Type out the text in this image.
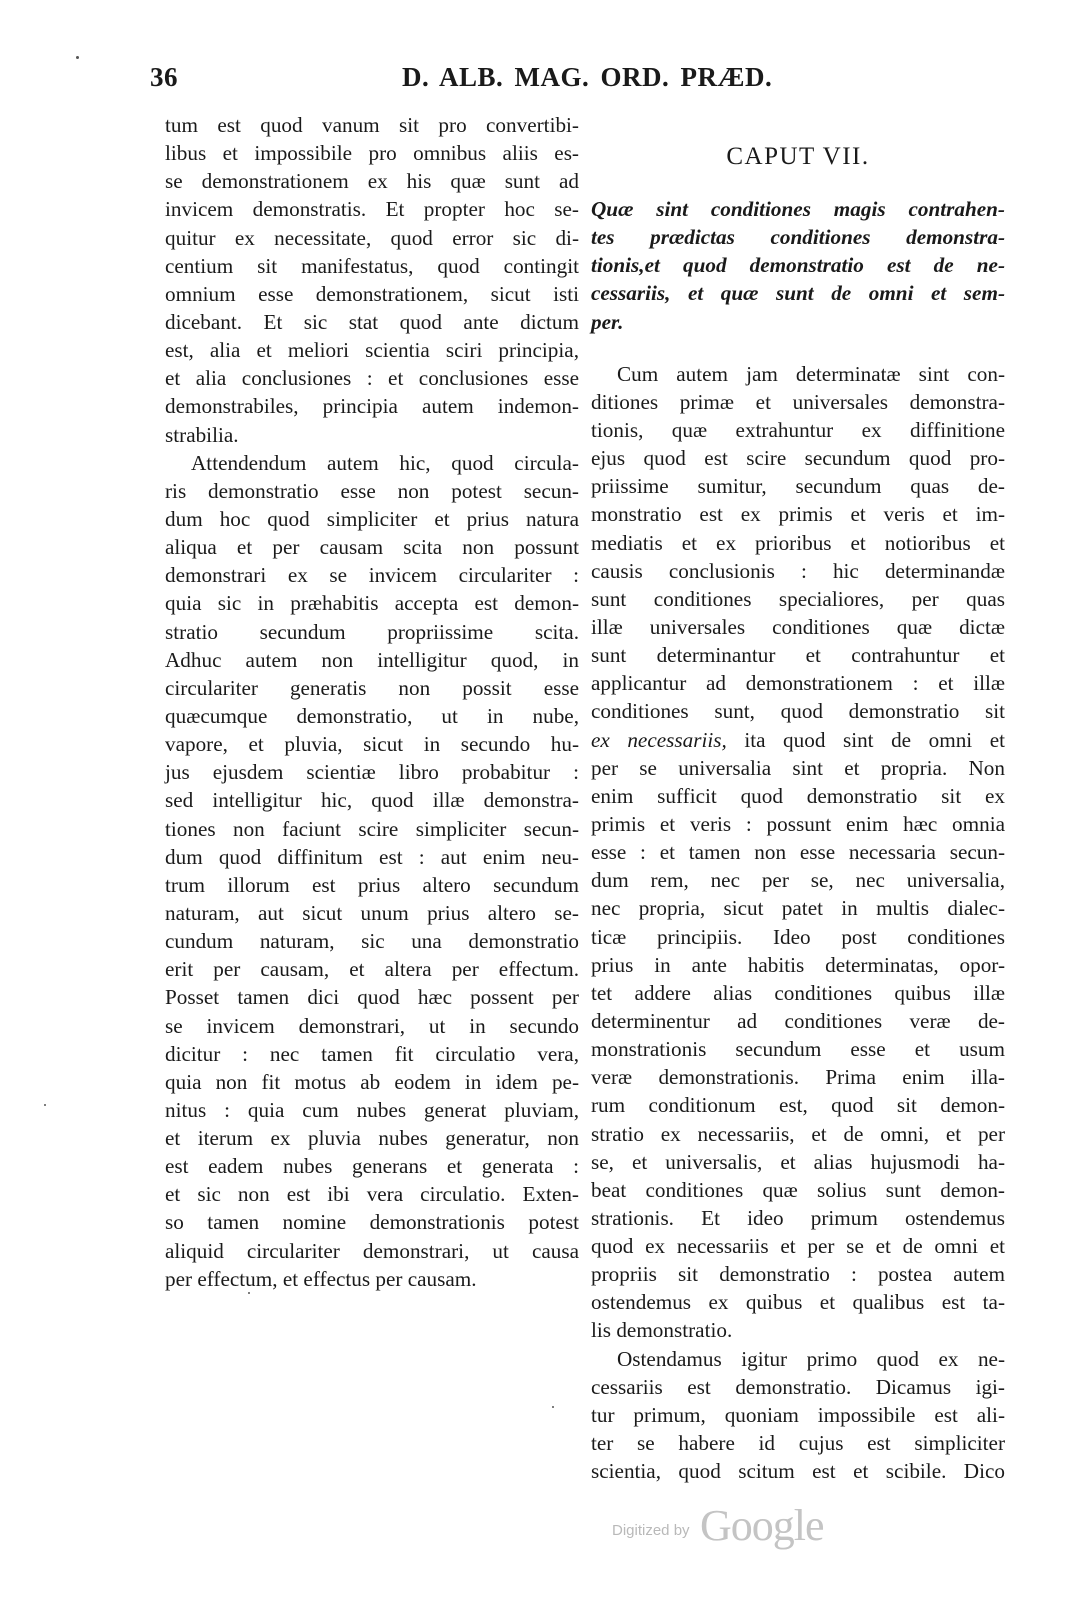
36	D. ALB. MAG. ORD. PRÆD.
tum est quod vanum sit pro convertibi-
libus et impossibile pro omnibus aliis es-
se demonstrationem ex his quæ sunt ad
invicem demonstratis. Et propter hoc se-
quitur ex necessitate, quod error sic di-
centium sit manifestatus, quod contingit
omnium esse demonstrationem, sicut isti
dicebant. Et sic stat quod ante dictum
est, alia et meliori scientia sciri principia,
et alia conclusiones : et conclusiones esse
demonstrabiles, principia autem indemon-
strabilia.
Attendendum autem hic, quod circula-
ris demonstratio esse non potest secun-
dum hoc quod simpliciter et prius natura
aliqua et per causam scita non possunt
demonstrari ex se invicem circulariter :
quia sic in præhabitis accepta est demon-
stratio secundum propriissime scita.
Adhuc autem non intelligitur quod, in
circulariter generatis non possit esse
quæcumque demonstratio, ut in nube,
vapore, et pluvia, sicut in secundo hu-
jus ejusdem scientiæ libro probabitur :
sed intelligitur hic, quod illæ demonstra-
tiones non faciunt scire simpliciter secun-
dum quod diffinitum est : aut enim neu-
trum illorum est prius altero secundum
naturam, aut sicut unum prius altero se-
cundum naturam, sic una demonstratio
erit per causam, et altera per effectum.
Posset tamen dici quod hæc possent per
se invicem demonstrari, ut in secundo
dicitur : nec tamen fit circulatio vera,
quia non fit motus ab eodem in idem pe-
nitus : quia cum nubes generat pluviam,
et iterum ex pluvia nubes generatur, non
est eadem nubes generans et generata :
et sic non est ibi vera circulatio. Exten-
so tamen nomine demonstrationis potest
aliquid circulariter demonstrari, ut causa
per effectum, et effectus per causam.
CAPUT VII.
Quæ sint conditiones magis contrahen-
tes prædictas conditiones demonstra-
tionis,et quod demonstratio est de ne-
cessariis, et quæ sunt de omni et sem-
per.
Cum autem jam determinatæ sint con-
ditiones primæ et universales demonstra-
tionis, quæ extrahuntur ex diffinitione
ejus quod est scire secundum quod pro-
priissime sumitur, secundum quas de-
monstratio est ex primis et veris et im-
mediatis et ex prioribus et notioribus et
causis conclusionis : hic determinandæ
sunt conditiones specialiores, per quas
illæ universales conditiones quæ dictæ
sunt determinantur et contrahuntur et
applicantur ad demonstrationem : et illæ
conditiones sunt, quod demonstratio sit
ex necessariis, ita quod sint de omni et
per se universalia sint et propria. Non
enim sufficit quod demonstratio sit ex
primis et veris : possunt enim hæc omnia
esse : et tamen non esse necessaria secun-
dum rem, nec per se, nec universalia,
nec propria, sicut patet in multis dialec-
ticæ principiis. Ideo post conditiones
prius in ante habitis determinatas, opor-
tet addere alias conditiones quibus illæ
determinentur ad conditiones veræ de-
monstrationis secundum esse et usum
veræ demonstrationis. Prima enim illa-
rum conditionum est, quod sit demon-
stratio ex necessariis, et de omni, et per
se, et universalis, et alias hujusmodi ha-
beat conditiones quæ solius sunt demon-
strationis. Et ideo primum ostendemus
quod ex necessariis et per se et de omni et
propriis sit demonstratio : postea autem
ostendemus ex quibus et qualibus est ta-
lis demonstratio.
Ostendamus igitur primo quod ex ne-
cessariis est demonstratio. Dicamus igi-
tur primum, quoniam impossibile est ali-
ter se habere id cujus est simpliciter
scientia, quod scitum est et scibile. Dico
Digitized by Google
